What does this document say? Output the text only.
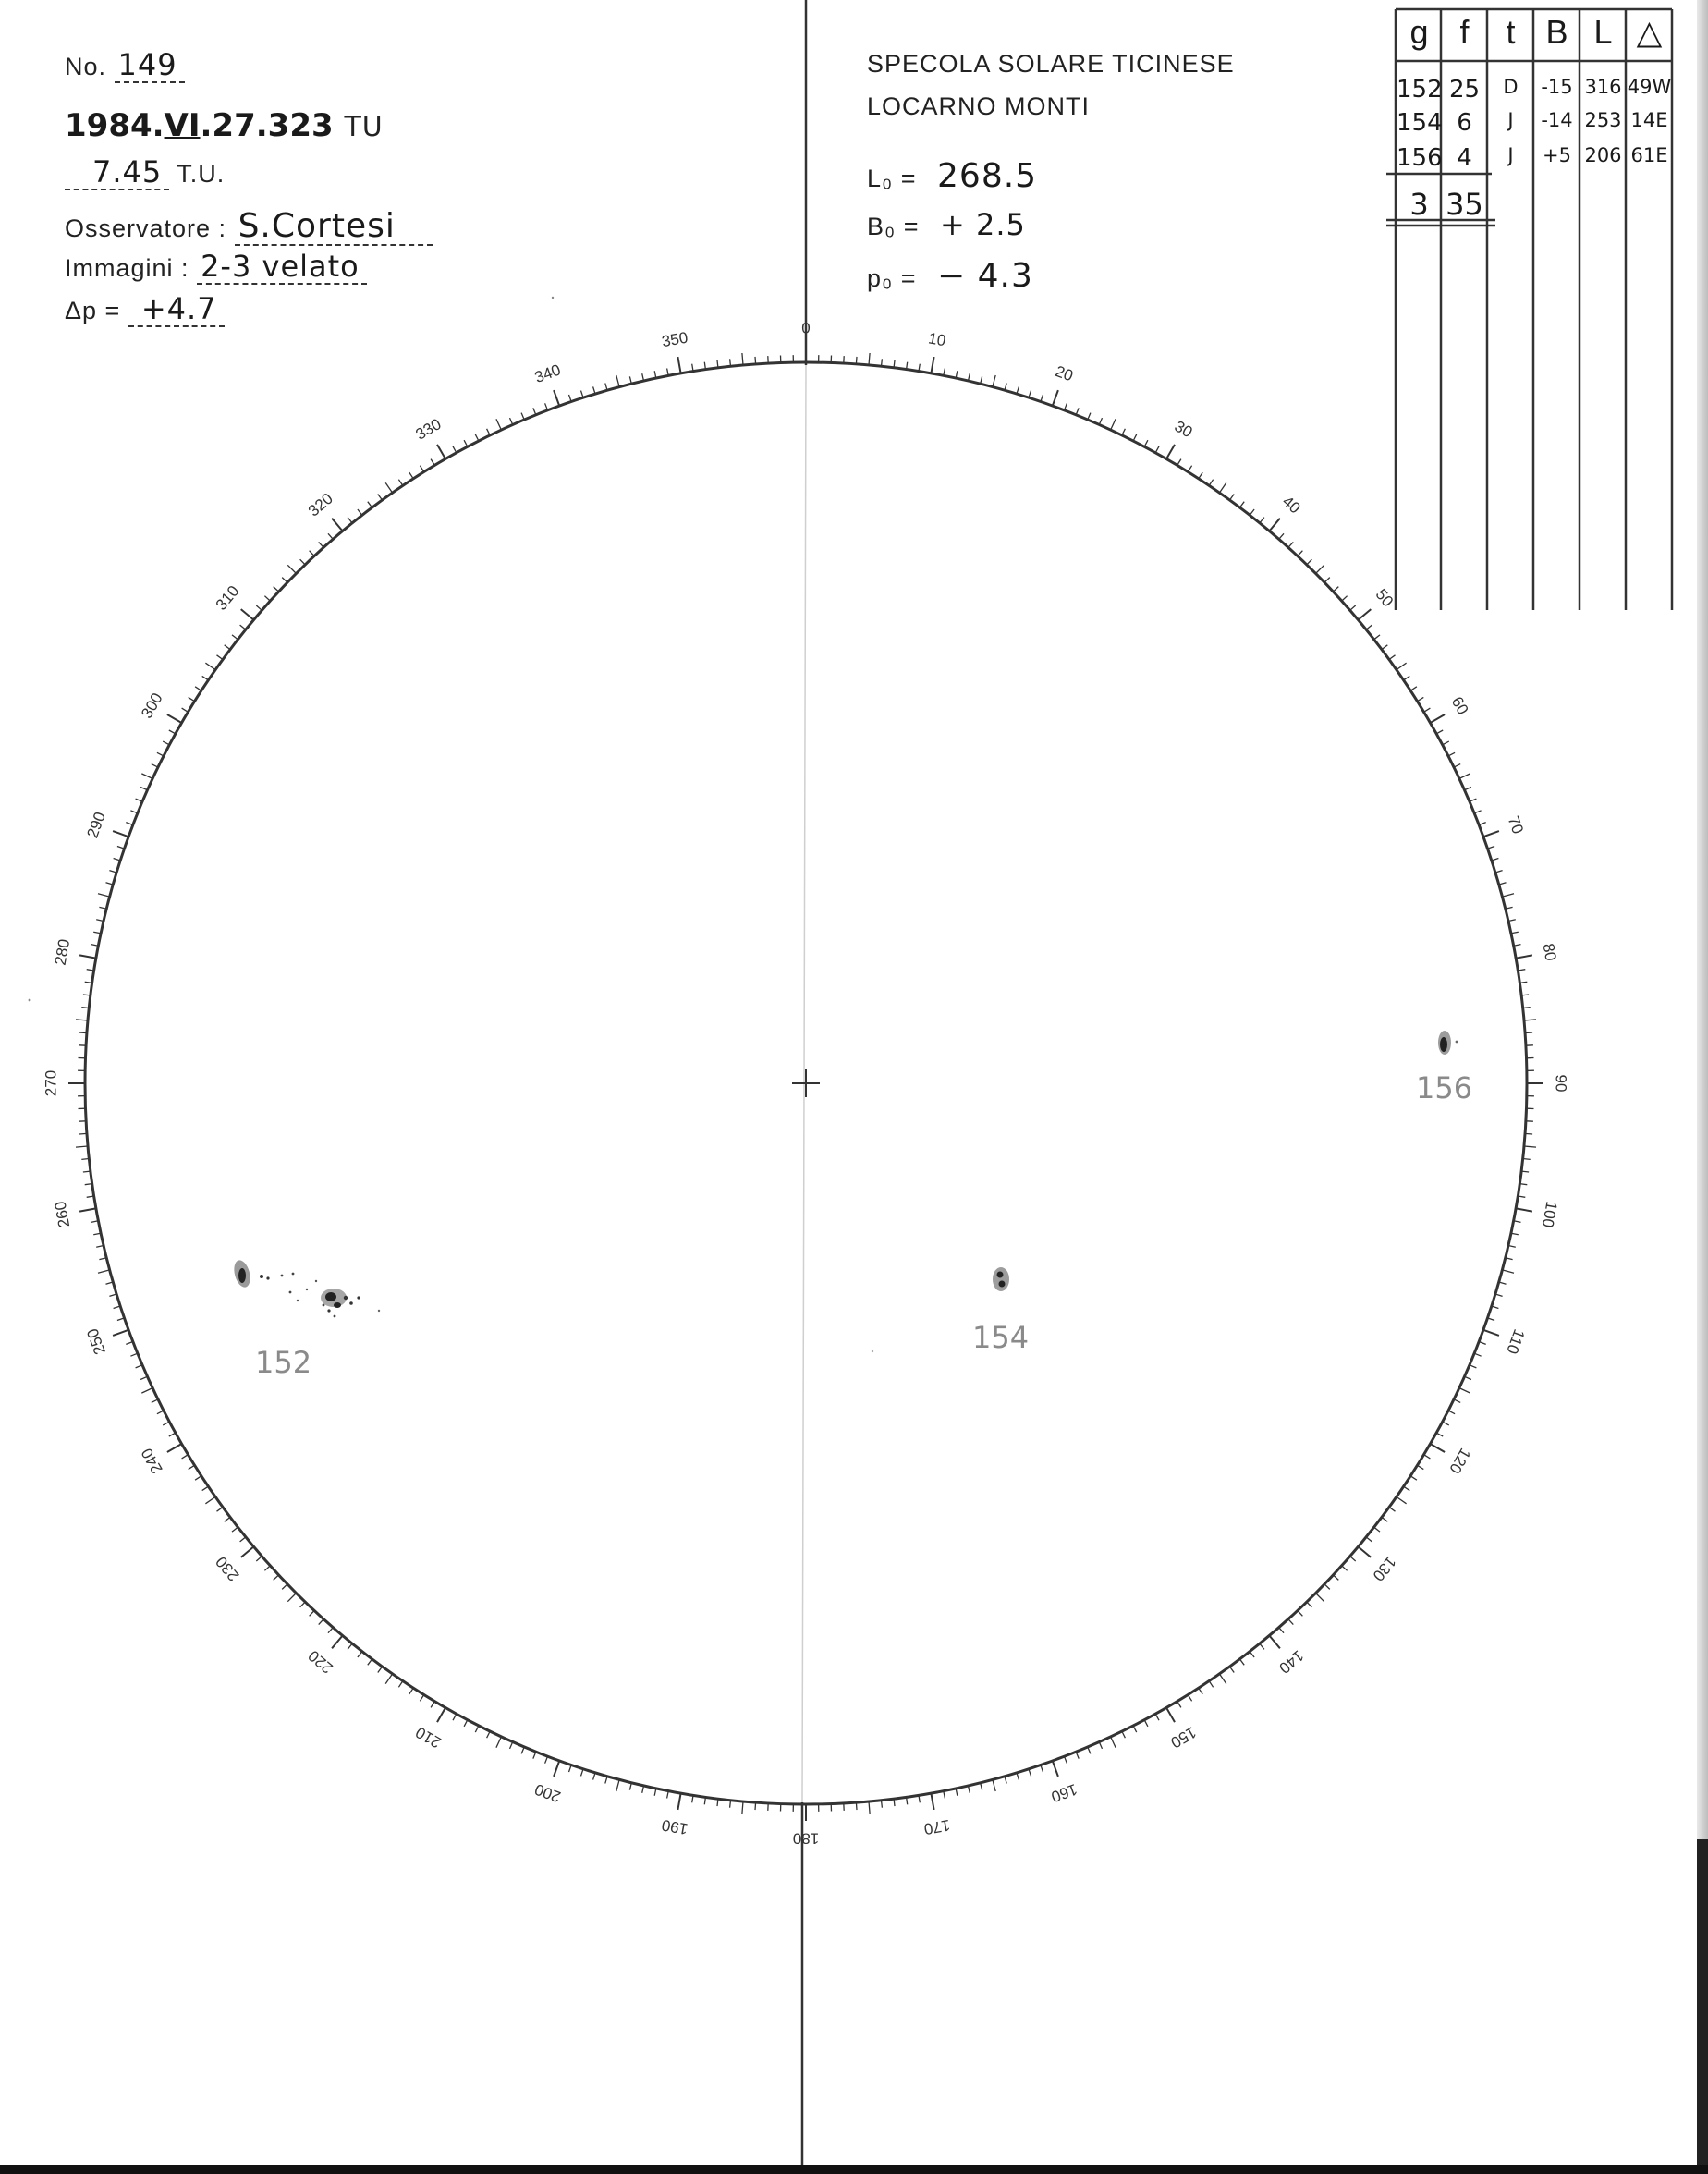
0
10
20
30
40
50
60
70
80
90
100
110
120
130
140
150
160
170
180
190
200
210
220
230
240
250
260
270
280
290
300
310
320
330
340
350
No. 149
1984.VI.27.323 TU
7.45 T.U.
Osservatore : S.Cortesi
Immagini : 2-3 velato
Δp = +4.7
SPECOLA SOLARE TICINESE
LOCARNO MONTI
L₀ = 268.5
B₀ = + 2.5
p₀ = − 4.3
g f	t B L △
152 25	D	-15 316 49W
154 6	J	-14 253 14E
156 4	J	+5 206 61E
3 35
152
154
156
